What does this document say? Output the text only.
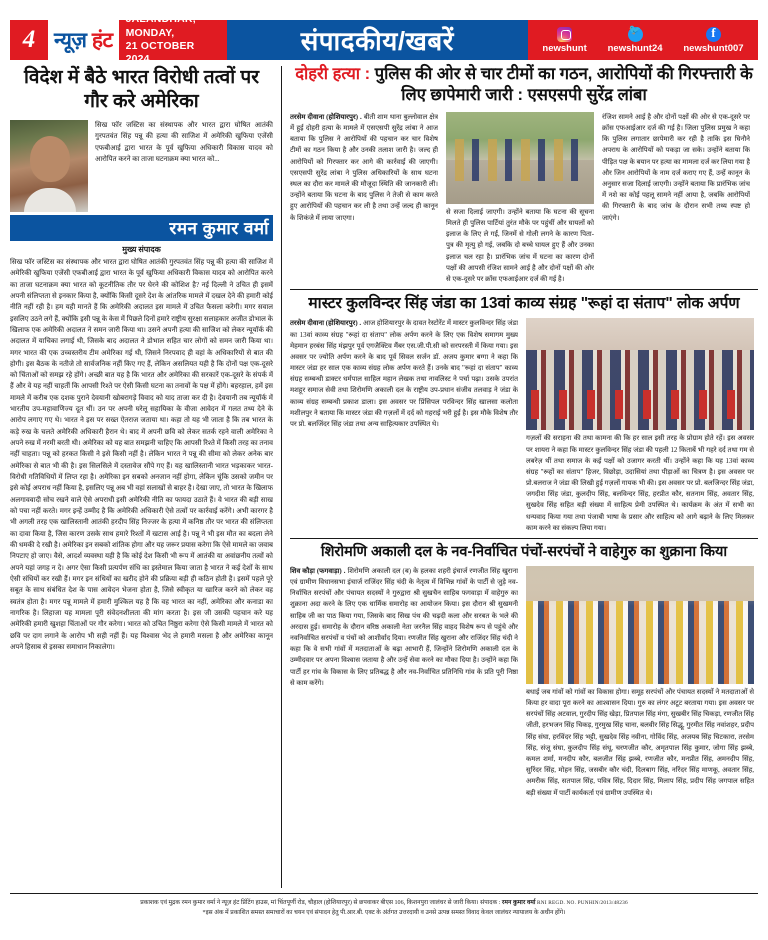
4 न्यूज़ हंट
JALANDHAR, MONDAY,
21 OCTOBER 2024
संपादकीय/खबरें	newshunt
🐦 newshunt24
f newshunt007
विदेश में बैठे भारत विरोधी तत्वों पर गौर करे अमेरिका
सिख फॉर जस्टिस का संस्थापक और भारत द्वारा घोषित आतंकी गुरपतवंत सिंह पन्नू की हत्या की साजिश में अमेरिकी खुफिया एजेंसी एफबीआई द्वारा भारत के पूर्व खुफिया अधिकारी विकास यादव को आरोपित करने का ताजा घटनाक्रम क्या भारत को...
रमन कुमार वर्मा
मुख्य संपादक
सिख फॉर जस्टिस का संस्थापक और भारत द्वारा घोषित आतंकी गुरपतवंत सिंह पन्नू की हत्या की साजिश में अमेरिकी खुफिया एजेंसी एफबीआई द्वारा भारत के पूर्व खुफिया अधिकारी विकास यादव को आरोपित करने का ताजा घटनाक्रम क्या भारत को कूटनीतिक तौर पर घेरने की कोशिश है? नई दिल्ली ने उचित ही इसमें अपनी संलिप्तता से इनकार किया है, क्योंकि किसी दूसरे देश के आंतरिक मामले में दखल देने की हमारी कोई नीति नहीं रही है। हम यही मानते हैं कि अमेरिकी अदालत इस मामले में उचित फैसला करेगी। मगर सवाल इसलिए उठने लगे हैं, क्योंकि इसी पन्नू के केस में पिछले दिनों हमारे राष्ट्रीय सुरक्षा सलाहकार अजीत डोभाल के खिलाफ एक अमेरिकी अदालत ने समन जारी किया था। उसने अपनी हत्या की साजिश को लेकर न्यूयॉर्क की अदालत में याचिका लगाई थी, जिसके बाद अदालत ने डोभाल सहित चार लोगों को समन जारी किया था। मगर भारत की एक उच्चस्तरीय टीम अमेरिका गई थी, जिसने निरपवाद ही वहां के अधिकारियों से बात की होगी। इस बैठक के नतीजे तो सार्वजनिक नहीं किए गए हैं, लेकिन असलियत यही है कि दोनों पक्ष एक-दूसरे को चिंताओं को समझ रहे होंगे। अच्छी बात यह है कि भारत और अमेरिका की सरकारें एक-दूसरे के संपर्क में हैं और वे यह नहीं चाहतीं कि आपसी रिश्ते पर ऐसी किसी घटना का तनावों के पक्ष में होंगे। बहरहाल, हमें इस मामले में करीब एक दशक पुराने देवयानी खोबरागड़े विवाद को याद ताजा कर दी है। देवयानी तब न्यूयॉर्क में भारतीय उप-महावाणिज्य दूत थीं। उन पर अपनी घरेलू सहायिका के वीजा आवेदन में गलत तथ्य देने के आरोप लगाए गए थे। भारत ने इस पर सख्त ऐतराज जताया था। कहा तो यह भी जाता है कि तब भारत के कड़े रुख के चलते अमेरिकी अधिकारी हैरान थे। बाद में अपनी छवि को लेकर सतर्क रहने वाली अमेरिका ने अपने रुख में नरमी बरती थी। अमेरिका को यह बात समझनी चाहिए कि आपसी रिश्ते में किसी तरह का तनाव नहीं चाहता। पन्नू को हरकत किसी ने इसे किसी नहीं है। लेकिन भारत ने पन्नू की सीमा को लेकर अनेक बार अमेरिका से बात भी की है। इस सिलसिले में दस्तावेज सौंपे गए हैं। यह खालिस्तानी भारत भड़काकर भारत-विरोधी गतिविधियों में लिप्त रहा है। अमेरिका इन सबको अनजान नहीं होगा, लेकिन चूंकि उसको जमीन पर इसे कोई अपराध नहीं किया है, इसलिए पन्नू अब भी वहां सलाखों से बाहर है। देखा जाए, तो भारत के खिलाफ अलगाववादी सोच रखने वाले ऐसे अपराधी इसी अमेरिकी नीति का फायदा उठाते हैं। वे भारत की बड़ी साख को पचा नहीं करते। मगर इन्हें उम्मीद है कि अमेरिकी अधिकारी ऐसे तत्वों पर कार्रवाई करेंगे। अभी कारगर है भी अगली तरह एक खालिस्तानी आतंकी हरदीप सिंह निज्जर के हत्या में कनिष्ठ तौर पर भारत की संलिप्तता का दावा किया है, जिस कारण उसके साथ हमारे रिश्तों में खटास आई है। पन्नू ने भी इस मौत का बदला लेने की धमकी दे रखी है। अमेरिका इन सबको शांतिक होगा और यह जरूर प्रयास करेगा कि ऐसे मामले का जवाब निपटाए हो जाए। वैसे, आदर्श व्यवस्था यही है कि कोई देश किसी भी रूप में आतंकी या अवांछनीय तत्वों को अपने यहां जगह न दे। अगर ऐसा किसी प्रत्यर्पण संधि का इस्तेमाल किया जाता है भारत ने कई देशों के साथ ऐसी संधियों कर रखी हैं। मगर इन संधियों का खरीद होने की प्रक्रिया बड़ी ही कठिन होती है। इसमें पहले पूरे सबूत के साथ संबंधित देश के पास आवेदन भेजना होता है, जिसे स्वीकृत या खारिज करने को लेकर वह स्वतंत्र होता है। मगर पन्नू मामले में हमारी मुश्किल यह है कि वह भारत का नहीं, अमेरिका और कनाडा का नागरिक है। लिहाजा यह मामला पूरी संवेदनशीलता की मांग करता है। इस जी उसकी पहचान करे यह अमेरिकी हमारी खुशहा चिंताओं पर गौर करेगा। भारत को उचित निष्ठुरा करेगा ऐसे किसी मामले में भारत को छवि पर दाग लगाने के आरोप भी सही नहीं हैं। यह विश्वास भेद ले हमारी मसला है और अमेरिका कानून अपने हिसाब से इसका समाधान निकालेगा।
दोहरी हत्या : पुलिस की ओर से चार टीमों का गठन, आरोपियों की गिरफ्त्तारी के लिए छापेमारी जारी : एसएसपी सुरेंद्र लांबा

तरसेम दीवाना (होशियारपुर) . बीती शाम थाना बुल्लोवाल क्षेत्र में हुई दोहरी हत्या के मामले में एसएसपी सुरेंद्र लांबा ने आज बताया कि पुलिस ने आरोपियों की पहचान कर चार विशेष टीमों का गठन किया है और उनकी तलाश जारी है। जल्द ही आरोपियों को गिरफ्तार कर आगे की कार्रवाई की जाएगी। एसएसपी सुरेंद्र लांबा ने पुलिस अधिकारियों के साथ घटना स्थल का दौरा कर मामले की मौजूदा स्थिति की जानकारी ली। उन्होंने बताया कि घटना के बाद पुलिस ने तेजी से काम करते हुए आरोपियों की पहचान कर ली है तथा उन्हें जल्द ही कानून के शिकंजे में लाया जाएगा।

से सजा दिलाई जाएगी। उन्होंने बताया कि घटना की सूचना मिलते ही पुलिस पार्टियां तुरंत मौके पर पहुंचीं और घायलों को इलाज के लिए ले गईं, जिनमें से गोली लगने के कारण पिता-पुत्र की मृत्यु हो गई, जबकि दो बच्चे घायल हुए हैं और उनका इलाज चल रहा है। प्रारंभिक जांच में घटना का कारण दोनों पक्षों की आपसी रंजिश सामने आई है और दोनों पक्षों की ओर से एक-दूसरे पर क्रॉस एफआईआर दर्ज की गई है।

रंजिश सामने आई है और दोनों पक्षों की ओर से एक-दूसरे पर क्रॉस एफआईआर दर्ज की गई है। जिला पुलिस प्रमुख ने कहा कि पुलिस लगातार छापेमारी कर रही है ताकि इस घिनौने अपराध के आरोपियों को पकड़ा जा सके। उन्होंने बताया कि पीड़ित पक्ष के बयान पर हत्या का मामला दर्ज कर लिया गया है और जिन आरोपियों के नाम दर्ज कराए गए हैं, उन्हें कानून के अनुसार सजा दिलाई जाएगी। उन्होंने बताया कि प्रारंभिक जांच में नशे का कोई पहलू सामने नहीं आया है, जबकि आरोपियों की गिरफ्तारी के बाद जांच के दौरान सभी तथ्य स्पष्ट हो जाएंगे।

मास्टर कुलविन्दर सिंह जंडा का 13वां काव्य संग्रह "रूहां दा संताप" लोक अर्पण

तरसेम दीवाना (होशियारपुर) . आज होशियारपुर के दावत रेस्टोरेंट में मास्टर कुलविन्दर सिंह जंडा का 13वां काव्य संग्रह "रूहां दा संताप" लोक अर्पण करने के लिए एक विशेष समागम मुख्य मेहमान हरबंस सिंह मंझपुर पूर्व एगजैक्टिव मैंबर एस.जी.पी.सी को सरपरस्ती में किया गया। इस अवसर पर ज्योति अर्पण करने के बाद पूर्व सिवल सर्जन डॉ. अजय कुमार बग्गा ने कहा कि मास्टर जंडा हर साल एक काव्य संग्रह लोक अर्पण करते हैं। उनके बाद "रूहां दा संताप" काव्य संग्रह सम्बन्धी डाक्टर धर्मपाल साहिल महान लेखक तथा नावलिस्ट ने पर्चा पढ़ा। उसके उपरांत मशहूर समाज सेवी तथा शिरोमणि अकाली दल के राष्ट्रीय उप-प्रधान संजीव तलवाड़ ने जंडा के काव्य संग्रह सम्बन्धी प्रकाश डाला। इस अवसर पर प्रिंसिपल परविन्दर सिंह खालसा कलोता मशीलपुर ने बताया कि मास्टर जंडा की गज़लों में दर्द को गहराई भरी हुई है। इस मौके विशेष तौर पर प्रो. बलजिंदर सिंह जंडा तथा अन्य साहित्यकार उपस्थित थे।

गज़लों की सराहना की तथा कामना की कि हर साल इसी तरह के प्रोग्राम होते रहें। इस अवसर पर शायरा ने कहा कि मास्टर कुलविन्दर सिंह जंडा की पहली 12 किताबें भी गहरे दर्द तथा गम से लबरेज़ थीं तथा समाज के कई पक्षों को उजागर करती थीं। उन्होंने कहा कि यह 13वां काव्य संग्रह "रूहों का संताप" हिजर, विछोड़ा, उदासियां तथा पीड़ाओं का चित्रण है। इस अवसर पर प्रो.बलराज ने जंडा की लिखी हुई गज़लों गायक भी की। इस अवसर पर प्रो. बलजिन्दर सिंह जंडा, जगदीश सिंह जंडा, कुलदीप सिंह, बलविन्दर सिंह, हरप्रीत कौर, सतनाम सिंह, अवतार सिंह, सुखदेव सिंह सहित बड़ी संख्या में साहित्य प्रेमी उपस्थित थे। कार्यक्रम के अंत में सभी का धन्यवाद किया गया तथा पंजाबी भाषा के प्रसार और साहित्य को आगे बढ़ाने के लिए मिलकर काम करने का संकल्प लिया गया।

शिरोमणि अकाली दल के नव-निर्वाचित पंचों-सरपंचों ने वाहेगुरु का शुक्राना किया

शिव कौड़ा (फगवाड़ा) . शिरोमणि अकाली दल (ब) के हलका शहरी इंचार्ज रणजीत सिंह खुराना एवं ग्रामीण विधानसभा इंचार्ज राजिंदर सिंह चंदी के नेतृत्व में विभिन्न गांवों के पार्टी से जुड़े नव-निर्वाचित सरपंचों और पंचायत सदस्यों ने गुरुद्वारा श्री सुखचैन साहिब फगवाड़ा में वाहेगुरु का शुक्राना अदा करने के लिए एक धार्मिक समारोह का आयोजन किया। इस दौरान श्री सुखमनी साहिब जी का पाठ किया गया, जिसके बाद सिख पंथ की चढ़दी कला और सरबत के भले की अरदास हुई। समारोह के दौरान वरिष्ठ अकाली नेता जरनैल सिंह वाहद विशेष रूप से पहुंचे और नवनिर्वाचित सरपंचों व पंचों को आशीर्वाद दिया। रणजीत सिंह खुराना और राजिंदर सिंह चंदी ने कहा कि वे सभी गांवों में मतदाताओं के बढ़ा आभारी हैं, जिन्होंने शिरोमणि अकाली दल के उम्मीदवार पर अपना विश्वास जताया है और उन्हें सेवा करने का मौका दिया है। उन्होंने कहा कि पार्टी हर गांव के विकास के लिए प्रतिबद्ध है और नव-निर्वाचित प्रतिनिधि गांव के प्रति पूरी निष्ठा से काम करेंगे।

बधाई जब गांवों को गांवों का विकास होगा। समूह सरपंचों और पंचायत सदस्यों ने मतदाताओं से किया हर वादा पूरा करने का आश्वासन दिया। गुरु का लंगर अटूट बरताया गया। इस अवसर पर सरपंचों सिंह अटवाल, गुरदीप सिंह खेड़ा, प्रितपाल सिंह मंगा, सुखबीर सिंह चिकड़ा, रणजीत सिंह जीती, हरभजन सिंह चिकड़, गुरमुख सिंह चाना, बलवीर सिंह सिद्धू, गुरमीत सिंह नवांशहर, प्रदीप सिंह संघा, हरविंदर सिंह भट्टी, सुखदेव सिंह नवीना, गोविंद सिंह, अजयब सिंह चिटकारा, तरसेम सिंह, संजू संघा, कुलदीप सिंह संधू, चरणजीत कौर, अमृतपाल सिंह कुमार, जोगा सिंह झब्बे, कमल शर्मा, मनदीप कौर, बलजीत सिंह झब्बे, रणजीत कौर, मनप्रीत सिंह, अमनदीप सिंह, सुरिंदर सिंह, मोहन सिंह, जसबीर कौर चंदी, दिलबाग सिंह, नरिंदर सिंह माणकू, अवतार सिंह, अमरीक सिंह, सतपाल सिंह, पवित्र सिंह, दिदार सिंह, मिलाप सिंह, प्रदीप सिंह जगपाल सहित बड़ी संख्या में पार्टी कार्यकर्ता एवं ग्रामीण उपस्थित थे।

प्रकाशक एवं मुद्रक रमन कुमार वर्मा ने न्यूज़ हंट प्रिंटिंग हाउस, मां चिंतपूर्णी रोड, चौहाल (होशियारपुर) से छपवाकर बीएस 106, किशनपुरा जालंधर से जारी किया। संपादक : रमन कुमार वर्मा RNI REGD. NO. PUNHIN/2013/48236
*इस अंक में प्रकाशित समस्त समाचारों का चयन एवं संपादन हेतु पी.आर.बी. एक्ट के अंर्तगत उत्तरदायी व उनसे उत्पन्न समस्त विवाद केवल जालंधर न्यायालय के अधीन होंगे।
